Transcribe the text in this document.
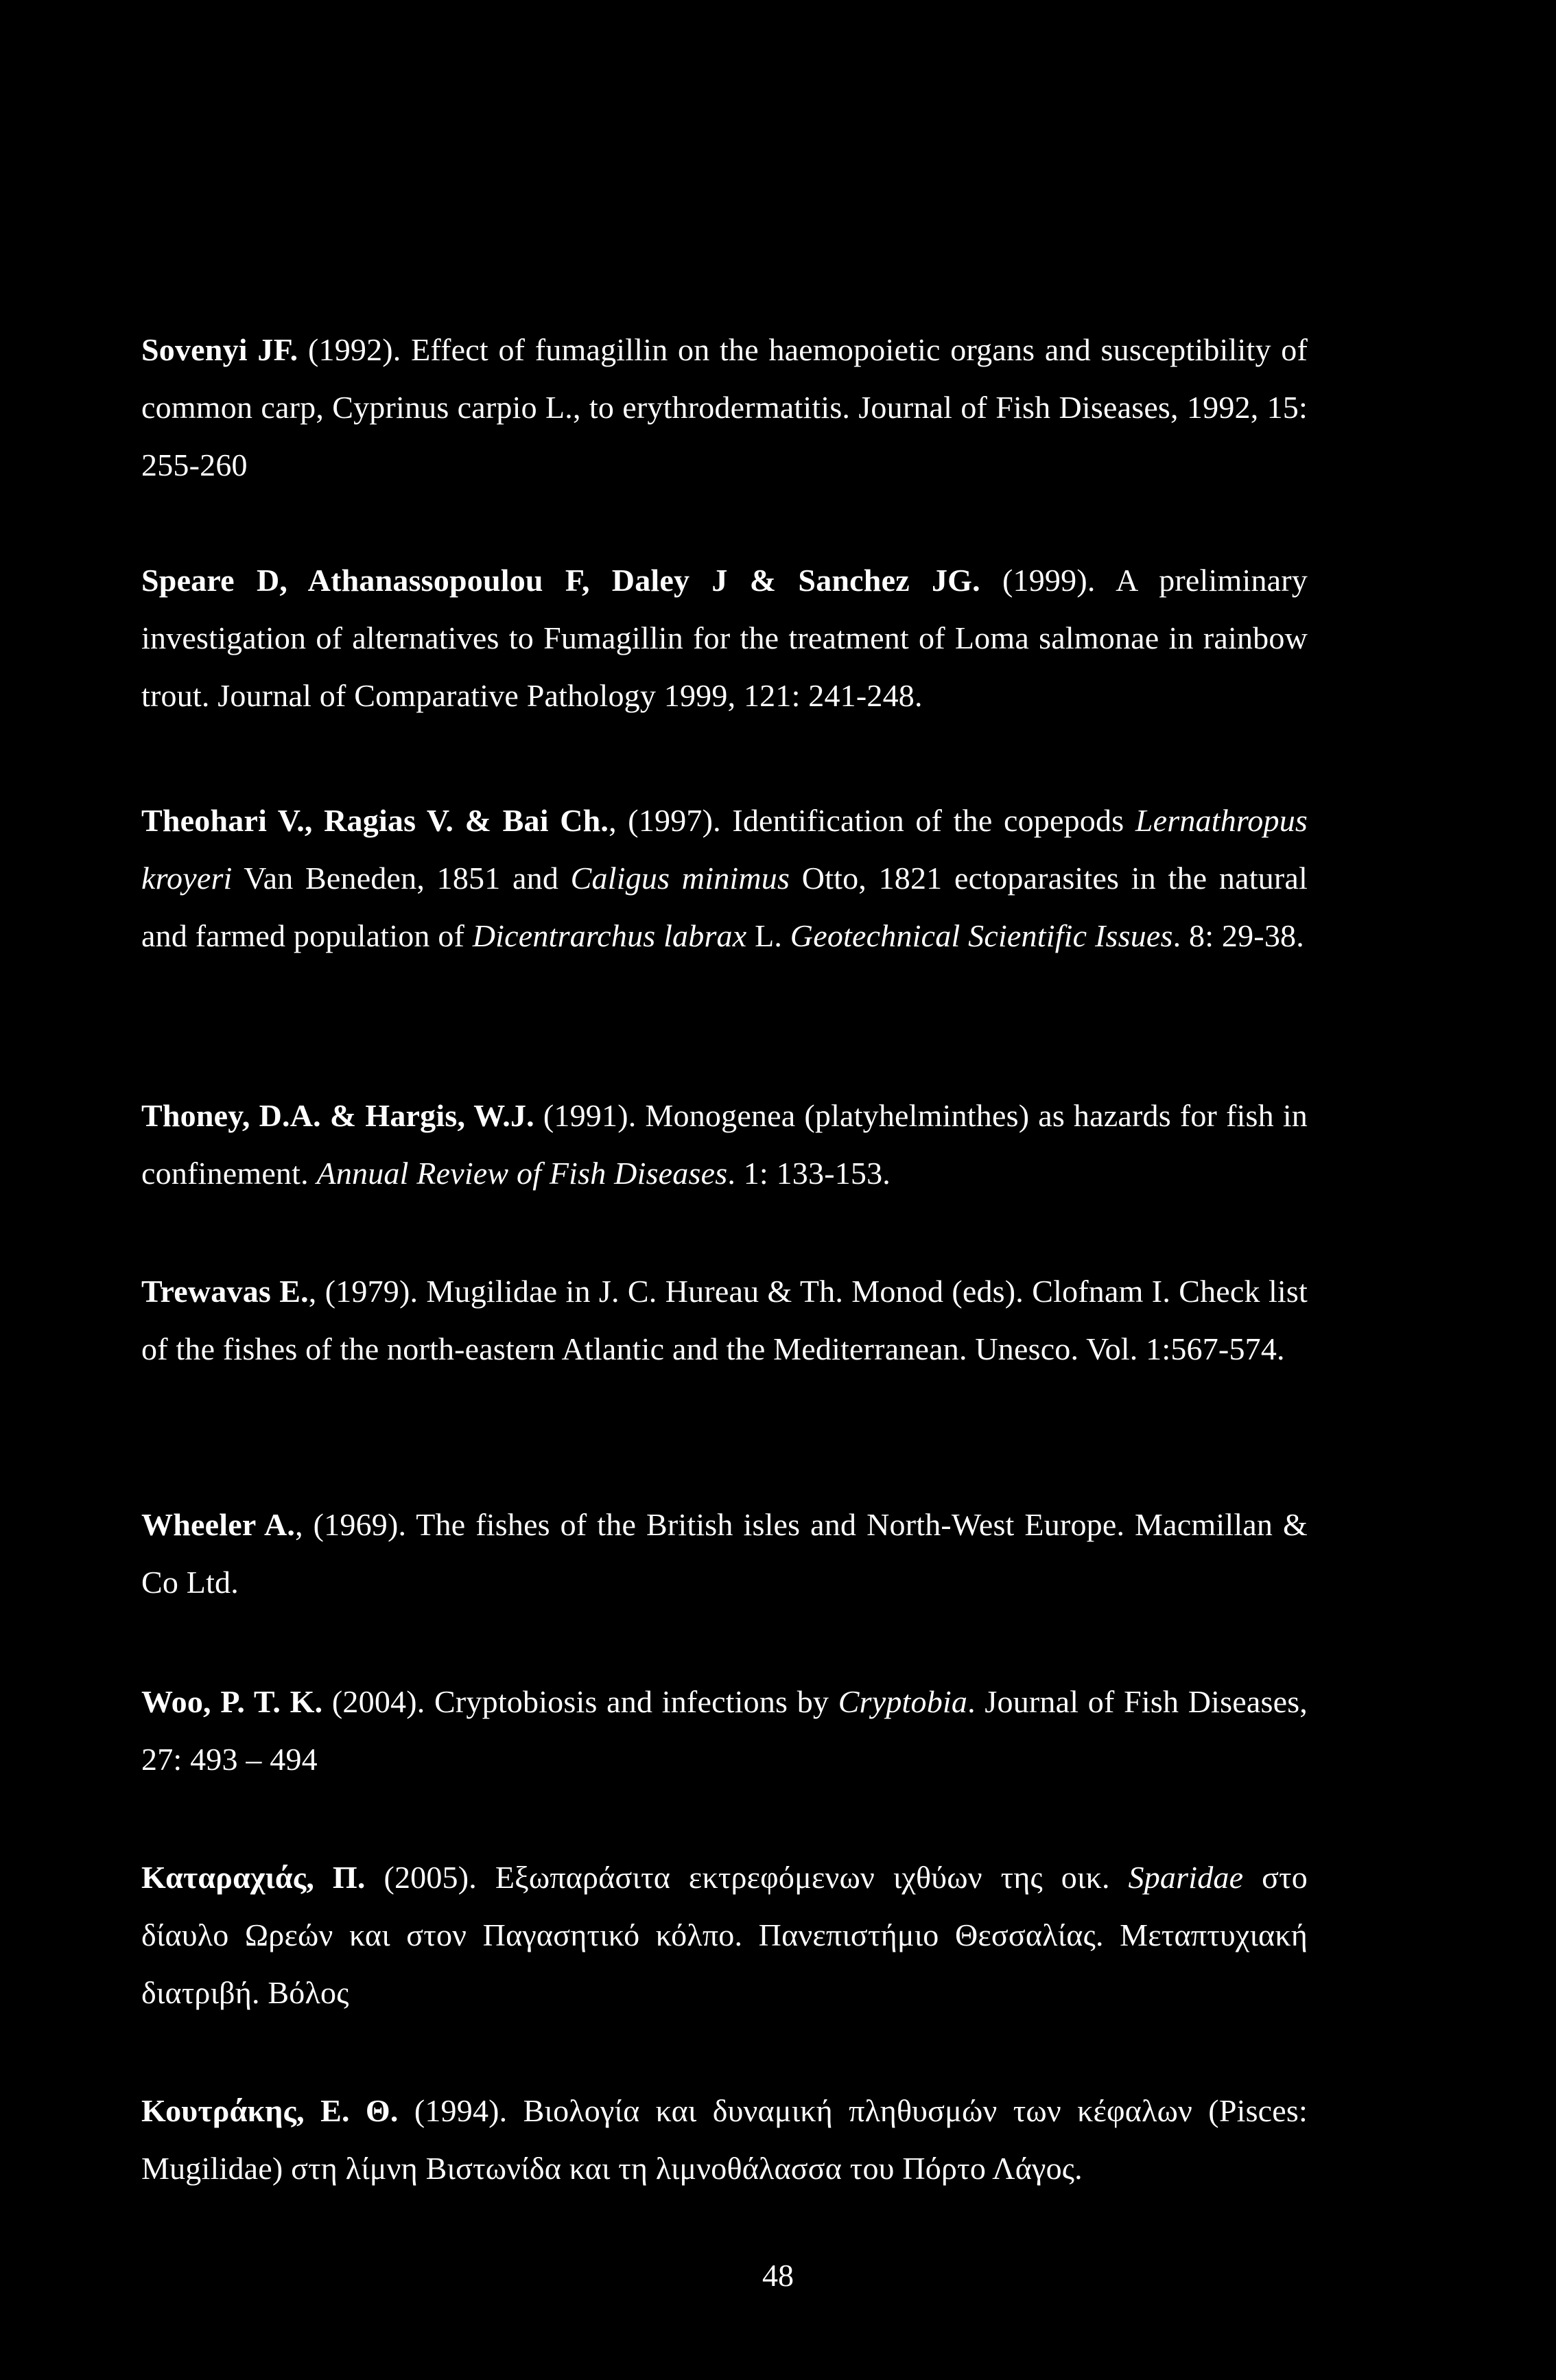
Sovenyi JF. (1992). Effect of fumagillin on the haemopoietic organs and susceptibility of common carp, Cyprinus carpio L., to erythrodermatitis. Journal of Fish Diseases, 1992, 15: 255-260

Speare D, Athanassopoulou F, Daley J & Sanchez JG. (1999). A preliminary investigation of alternatives to Fumagillin for the treatment of Loma salmonae in rainbow trout. Journal of Comparative Pathology 1999, 121: 241-248.

Theohari V., Ragias V. & Bai Ch., (1997). Identification of the copepods Lernathropus kroyeri Van Beneden, 1851 and Caligus minimus Otto, 1821 ectoparasites in the natural and farmed population of Dicentrarchus labrax L. Geotechnical Scientific Issues. 8: 29-38.

Thoney, D.A. & Hargis, W.J. (1991). Monogenea (platyhelminthes) as hazards for fish in confinement. Annual Review of Fish Diseases. 1: 133-153.

Trewavas E., (1979). Mugilidae in J. C. Hureau & Th. Monod (eds). Clofnam I. Check list of the fishes of the north-eastern Atlantic and the Mediterranean. Unesco. Vol. 1:567-574.

Wheeler A., (1969). The fishes of the British isles and North-West Europe. Macmillan & Co Ltd.

Woo, P. T. K. (2004). Cryptobiosis and infections by Cryptobia. Journal of Fish Diseases, 27: 493 – 494

Καταραχιάς, Π. (2005). Εξωπαράσιτα εκτρεφόμενων ιχθύων της οικ. Sparidae στο δίαυλο Ωρεών και στον Παγασητικό κόλπο. Πανεπιστήμιο Θεσσαλίας. Μεταπτυχιακή διατριβή. Βόλος

Κουτράκης, Ε. Θ. (1994). Βιολογία και δυναμική πληθυσμών των κέφαλων (Pisces: Mugilidae) στη λίμνη Βιστωνίδα και τη λιμνοθάλασσα του Πόρτο Λάγος.

48
